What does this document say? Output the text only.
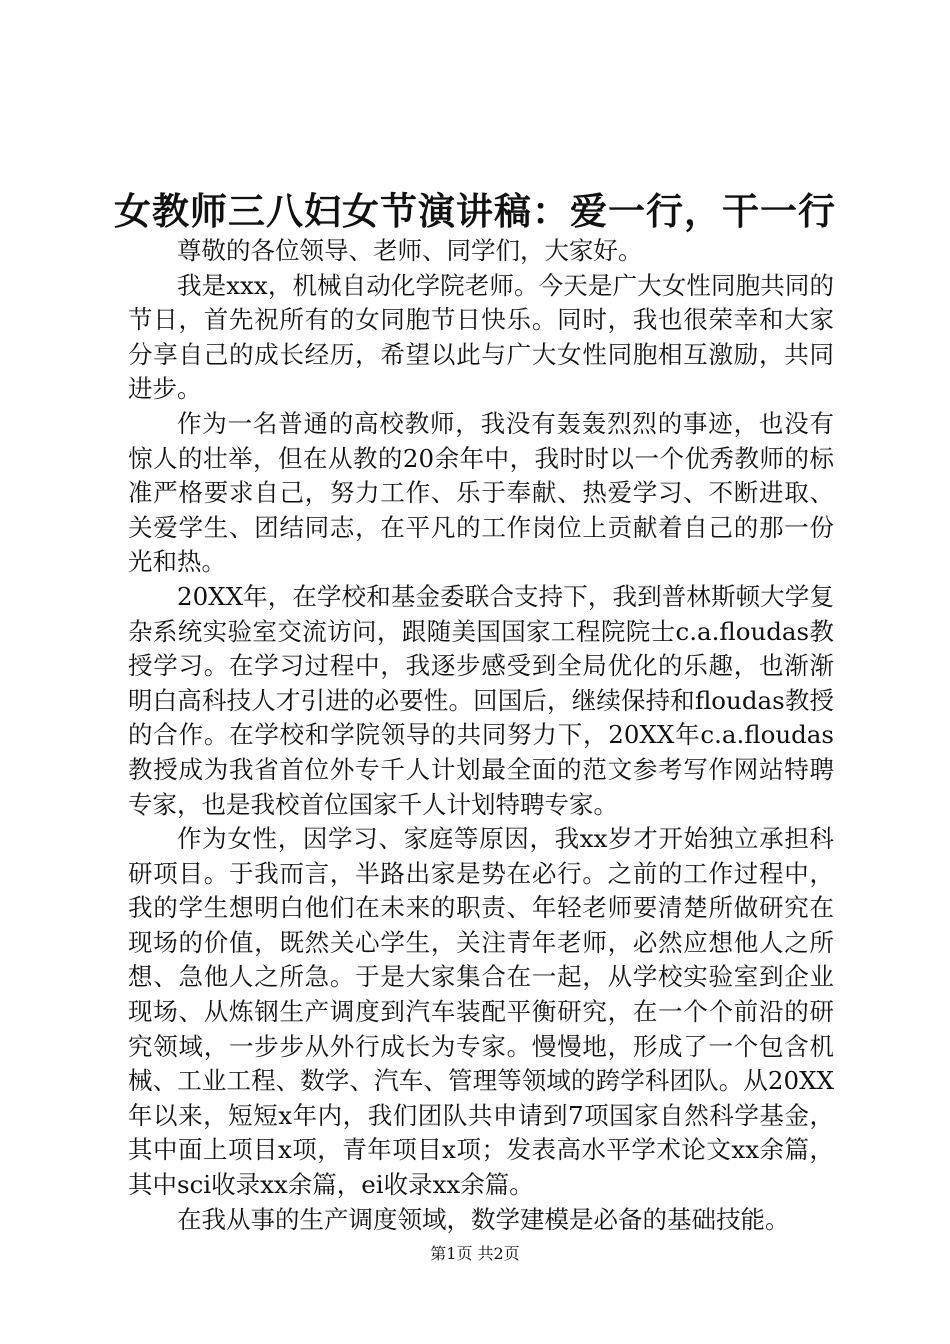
女教师三八妇女节演讲稿：爱一行，干一行

尊敬的各位领导、老师、同学们，大家好。

我是xxx，机械自动化学院老师。今天是广大女性同胞共同的节日，首先祝所有的女同胞节日快乐。同时，我也很荣幸和大家分享自己的成长经历，希望以此与广大女性同胞相互激励，共同进步。

作为一名普通的高校教师，我没有轰轰烈烈的事迹，也没有惊人的壮举，但在从教的20余年中，我时时以一个优秀教师的标准严格要求自己，努力工作、乐于奉献、热爱学习、不断进取、关爱学生、团结同志，在平凡的工作岗位上贡献着自己的那一份光和热。

20XX年，在学校和基金委联合支持下，我到普林斯顿大学复杂系统实验室交流访问，跟随美国国家工程院院士c.a.floudas教授学习。在学习过程中，我逐步感受到全局优化的乐趣，也渐渐明白高科技人才引进的必要性。回国后，继续保持和floudas教授的合作。在学校和学院领导的共同努力下，20XX年c.a.floudas教授成为我省首位外专千人计划最全面的范文参考写作网站特聘专家，也是我校首位国家千人计划特聘专家。

作为女性，因学习、家庭等原因，我xx岁才开始独立承担科研项目。于我而言，半路出家是势在必行。之前的工作过程中，我的学生想明白他们在未来的职责、年轻老师要清楚所做研究在现场的价值，既然关心学生，关注青年老师，必然应想他人之所想、急他人之所急。于是大家集合在一起，从学校实验室到企业现场、从炼钢生产调度到汽车装配平衡研究，在一个个前沿的研究领域，一步步从外行成长为专家。慢慢地，形成了一个包含机械、工业工程、数学、汽车、管理等领域的跨学科团队。从20XX年以来，短短x年内，我们团队共申请到7项国家自然科学基金，其中面上项目x项，青年项目x项；发表高水平学术论文xx余篇，其中sci收录xx余篇，ei收录xx余篇。

在我从事的生产调度领域，数学建模是必备的基础技能。

第1页 共2页
